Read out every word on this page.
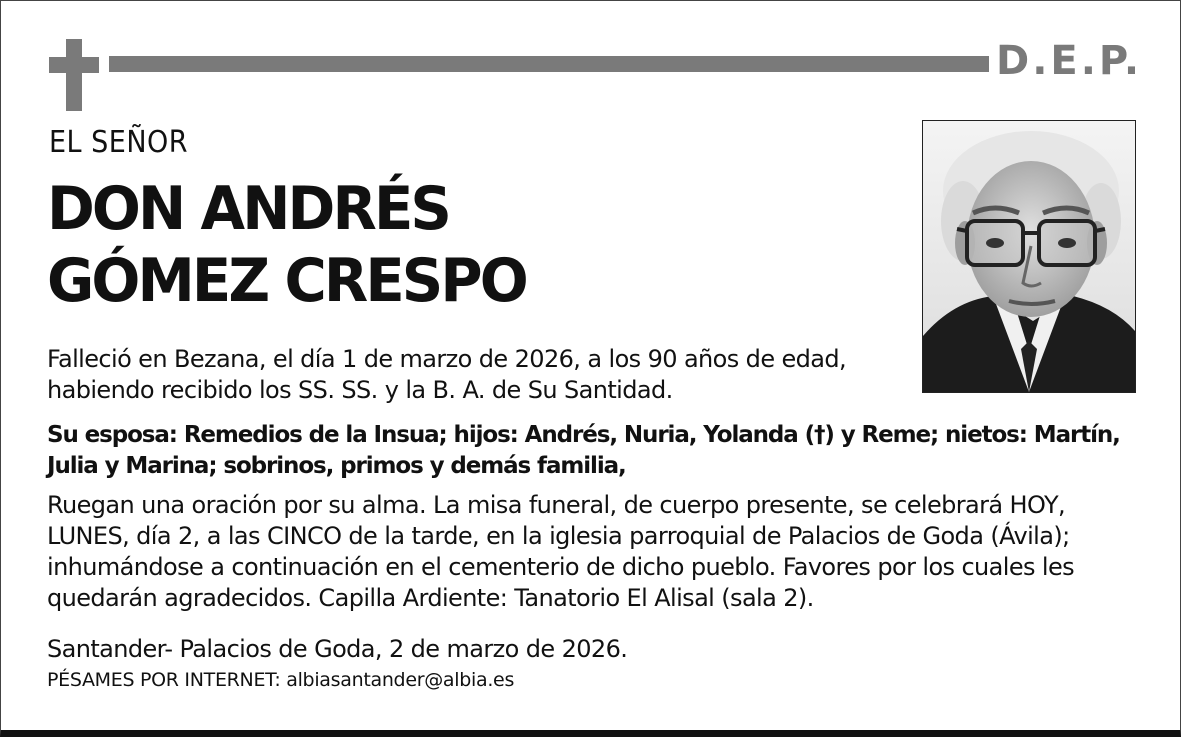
D.E.P.
EL SEÑOR
DON ANDRÉS
GÓMEZ CRESPO

Falleció en Bezana, el día 1 de marzo de 2026, a los 90 años de edad,
habiendo recibido los SS. SS. y la B. A. de Su Santidad.

Su esposa: Remedios de la Insua; hijos: Andrés, Nuria, Yolanda (†) y Reme; nietos: Martín,
Julia y Marina; sobrinos, primos y demás familia,

Ruegan una oración por su alma. La misa funeral, de cuerpo presente, se celebrará HOY,
LUNES, día 2, a las CINCO de la tarde, en la iglesia parroquial de Palacios de Goda (Ávila);
inhumándose a continuación en el cementerio de dicho pueblo. Favores por los cuales les
quedarán agradecidos. Capilla Ardiente: Tanatorio El Alisal (sala 2).

Santander- Palacios de Goda, 2 de marzo de 2026.

PÉSAMES POR INTERNET: albiasantander@albia.es
